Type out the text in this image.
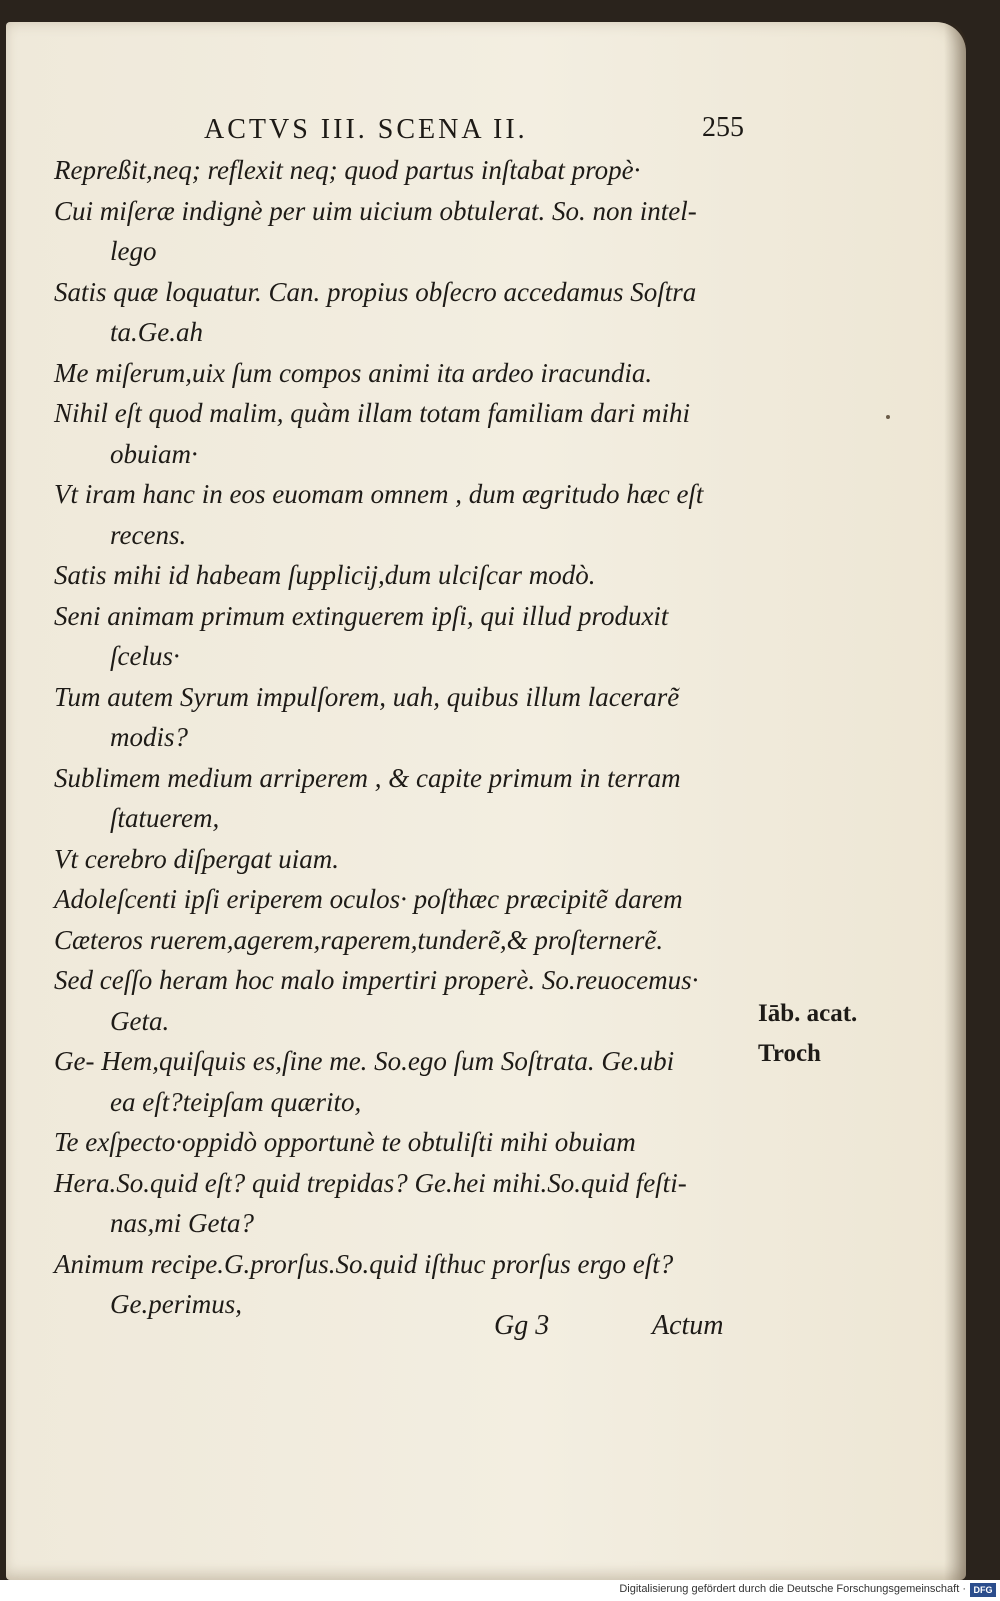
ACTVS III. SCENA II.	255
Repreßit,neq; reflexit neq; quod partus inſtabat propè·
Cui miſeræ indignè per uim uicium obtulerat. So. non intel-
lego
Satis quæ loquatur. Can. propius obſecro accedamus Soſtra
ta.Ge.ah
Me miſerum,uix ſum compos animi ita ardeo iracundia.
Nihil eſt quod malim, quàm illam totam familiam dari mihi
obuiam·
Vt iram hanc in eos euomam omnem , dum ægritudo hæc eſt
recens.
Satis mihi id habeam ſupplicij,dum ulciſcar modò.
Seni animam primum extinguerem ipſi, qui illud produxit
ſcelus·
Tum autem Syrum impulſorem, uah, quibus illum lacerarẽ
modis?
Sublimem medium arriperem , & capite primum in terram
ſtatuerem,
Vt cerebro diſpergat uiam.
Adoleſcenti ipſi eriperem oculos· poſthæc præcipitẽ darem
Cæteros ruerem,agerem,raperem,tunderẽ,& proſternerẽ.
Sed ceſſo heram hoc malo impertiri properè. So.reuocemus·
Geta.
Ge- Hem,quiſquis es,ſine me. So.ego ſum Soſtrata. Ge.ubi
ea eſt?teipſam quærito,
Te exſpecto·oppidò opportunè te obtuliſti mihi obuiam
Hera.So.quid eſt? quid trepidas? Ge.hei mihi.So.quid feſti-
nas,mi Geta?
Animum recipe.G.prorſus.So.quid iſthuc prorſus ergo eſt?
Ge.perimus,
Iāb. acat.
Troch
Gg 3	Actum
Digitalisierung gefördert durch die Deutsche Forschungsgemeinschaft · DFG
